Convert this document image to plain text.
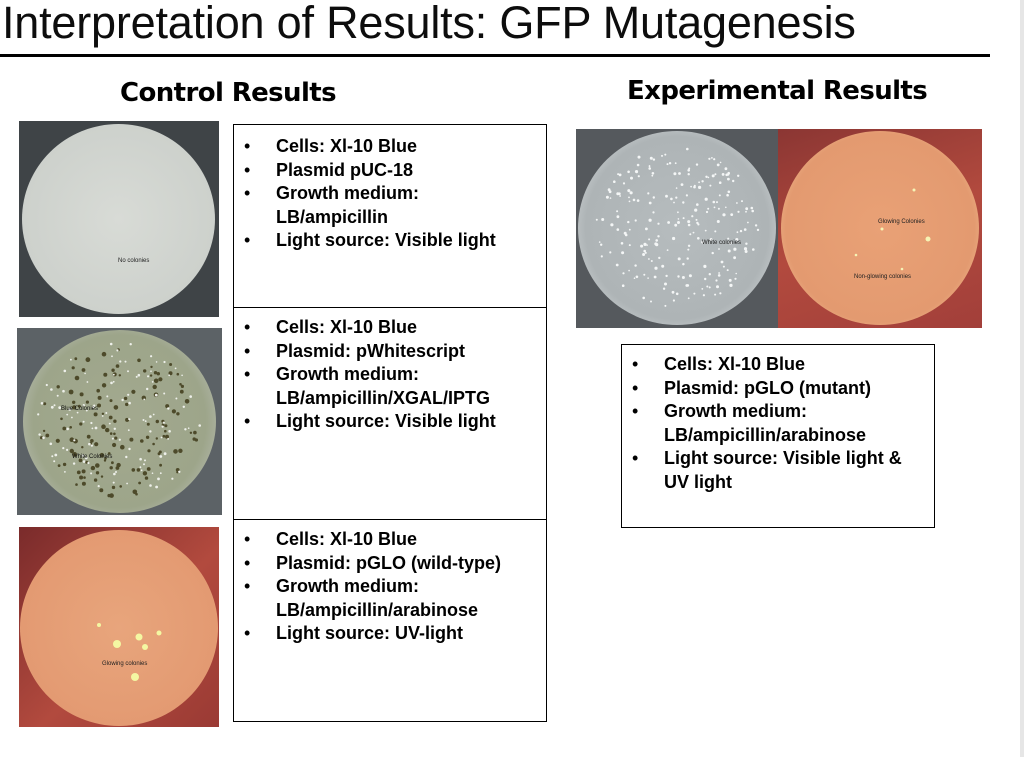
Interpretation of Results: GFP Mutagenesis
Control Results	Experimental Results
No colonies
Blue Colonies
White Colonies
Glowing colonies
• Cells: Xl-10 Blue
• Plasmid pUC-18
• Growth medium: LB/ampicillin
• Light source: Visible light
• Cells: Xl-10 Blue
• Plasmid: pWhitescript
• Growth medium: LB/ampicillin/XGAL/IPTG
• Light source: Visible light
• Cells: Xl-10 Blue
• Plasmid: pGLO (wild-type)
• Growth medium: LB/ampicillin/arabinose
• Light source: UV-light
White colonies
Glowing Colonies
Non-glowing colonies
• Cells: Xl-10 Blue
• Plasmid: pGLO (mutant)
• Growth medium: LB/ampicillin/arabinose
• Light source: Visible light & UV light
